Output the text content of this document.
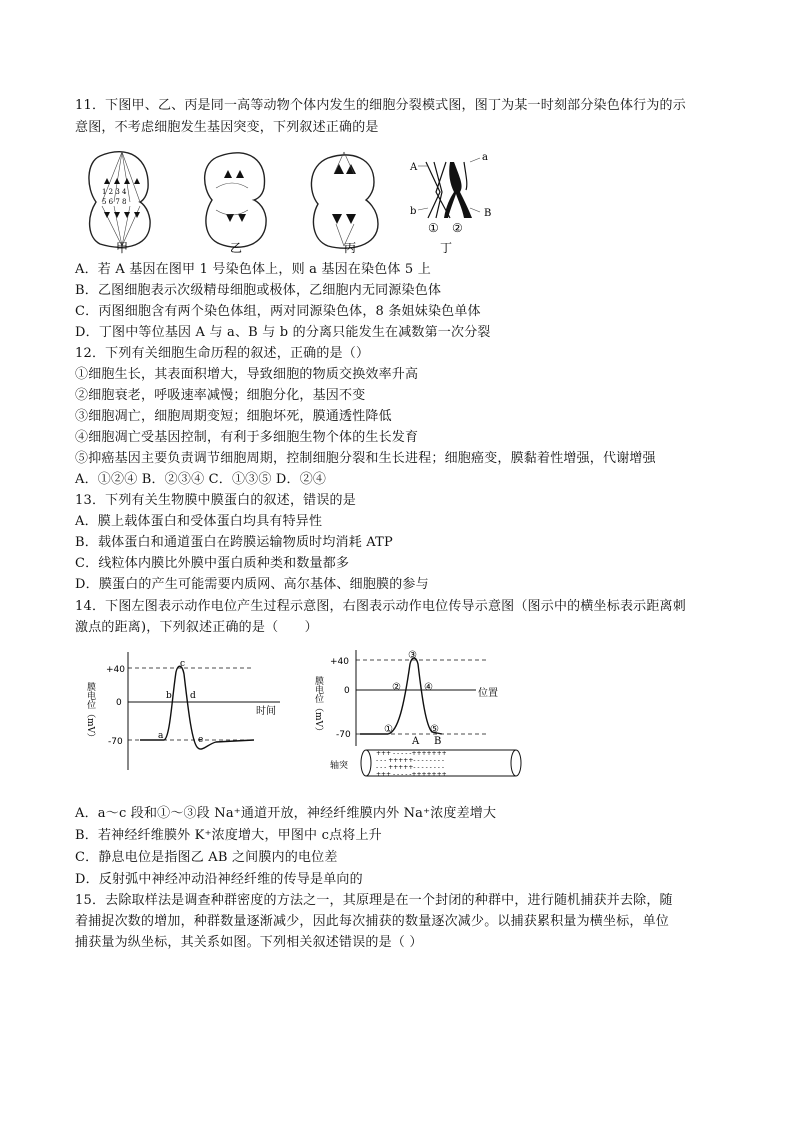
11．下图甲、乙、丙是同一高等动物个体内发生的细胞分裂模式图，图丁为某一时刻部分染色体行为的示
意图，不考虑细胞发生基因突变，下列叙述正确的是
1 2 3 4
5 6 7 8
甲	乙	丙
A
a
b	B
① ②
丁
A．若 A 基因在图甲 1 号染色体上，则 a 基因在染色体 5 上
B．乙图细胞表示次级精母细胞或极体，乙细胞内无同源染色体
C．丙图细胞含有两个染色体组，两对同源染色体，8 条姐妹染色单体
D．丁图中等位基因 A 与 a、B 与 b 的分离只能发生在减数第一次分裂
12．下列有关细胞生命历程的叙述，正确的是（）
①细胞生长，其表面积增大，导致细胞的物质交换效率升高
②细胞衰老，呼吸速率减慢；细胞分化，基因不变
③细胞凋亡，细胞周期变短；细胞坏死，膜通透性降低
④细胞凋亡受基因控制，有利于多细胞生物个体的生长发育
⑤抑癌基因主要负责调节细胞周期，控制细胞分裂和生长进程；细胞癌变，膜黏着性增强，代谢增强
A．①②④ B．②③④ C．①③⑤ D．②④
13．下列有关生物膜中膜蛋白的叙述，错误的是
A．膜上载体蛋白和受体蛋白均具有特异性
B．载体蛋白和通道蛋白在跨膜运输物质时均消耗 ATP
C．线粒体内膜比外膜中蛋白质种类和数量都多
D．膜蛋白的产生可能需要内质网、高尔基体、细胞膜的参与
14．下图左图表示动作电位产生过程示意图，右图表示动作电位传导示意图（图示中的横坐标表示距离刺
激点的距离)，下列叙述正确的是（　　）
+40
0
-70
膜电位（mV）	时间
a
b
c
d
e
+40
0
-70
膜电位（mV）	位置
①
②
③
④
⑤
A B
+++ - - - - -+++++++
- - - +++++- - - - - - - -
- - - +++++- - - - - - - -
+++ - - - - -+++++++
轴突
A．a～c 段和①～③段 Na⁺通道开放，神经纤维膜内外 Na⁺浓度差增大
B．若神经纤维膜外 K⁺浓度增大，甲图中 c点将上升
C．静息电位是指图乙 AB 之间膜内的电位差
D．反射弧中神经冲动沿神经纤维的传导是单向的
15．去除取样法是调查种群密度的方法之一，其原理是在一个封闭的种群中，进行随机捕获并去除，随
着捕捉次数的增加，种群数量逐渐减少，因此每次捕获的数量逐次减少。以捕获累积量为横坐标，单位
捕获量为纵坐标，其关系如图。下列相关叙述错误的是（ ）
